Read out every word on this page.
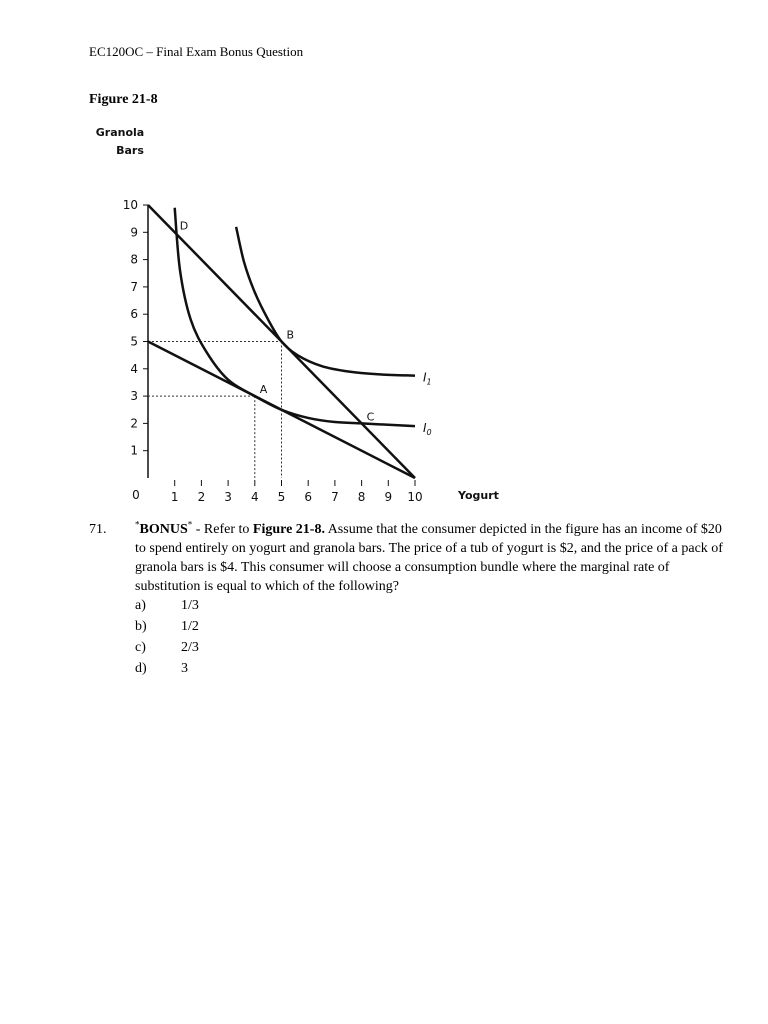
EC120OC – Final Exam Bonus Question
Figure 21-8
Granola
Bars
Yogurt
0
1
2
3
4
5
6
7
8
9
10
1 2 3 4 5 6 7 8 9 10
$I_1$
$I_0$
A
B
C
D
71.	*BONUS* - Refer to Figure 21-8. Assume that the consumer depicted in the figure has an income of $20 to spend entirely on yogurt and granola bars. The price of a tub of yogurt is $2, and the price of a pack of granola bars is $4. This consumer will choose a consumption bundle where the marginal rate of substitution is equal to which of the following?
a)	1/3
b) 1/2
c)	2/3
d) 3
